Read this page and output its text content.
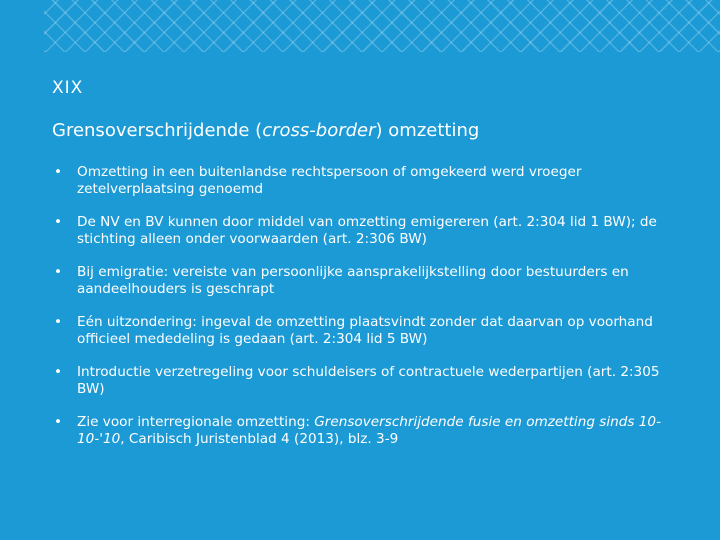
XIX
Grensoverschrijdende (cross-border) omzetting
• Omzetting in een buitenlandse rechtspersoon of omgekeerd werd vroeger zetelverplaatsing genoemd
• De NV en BV kunnen door middel van omzetting emigereren (art. 2:304 lid 1 BW); de stichting alleen onder voorwaarden (art. 2:306 BW)
• Bij emigratie: vereiste van persoonlijke aansprakelijkstelling door bestuurders en aandeelhouders is geschrapt
• Eén uitzondering: ingeval de omzetting plaatsvindt zonder dat daarvan op voorhand officieel mededeling is gedaan (art. 2:304 lid 5 BW)
• Introductie verzetregeling voor schuldeisers of contractuele wederpartijen (art. 2:305 BW)
• Zie voor interregionale omzetting: Grensoverschrijdende fusie en omzetting sinds 10-10-'10, Caribisch Juristenblad 4 (2013), blz. 3-9
